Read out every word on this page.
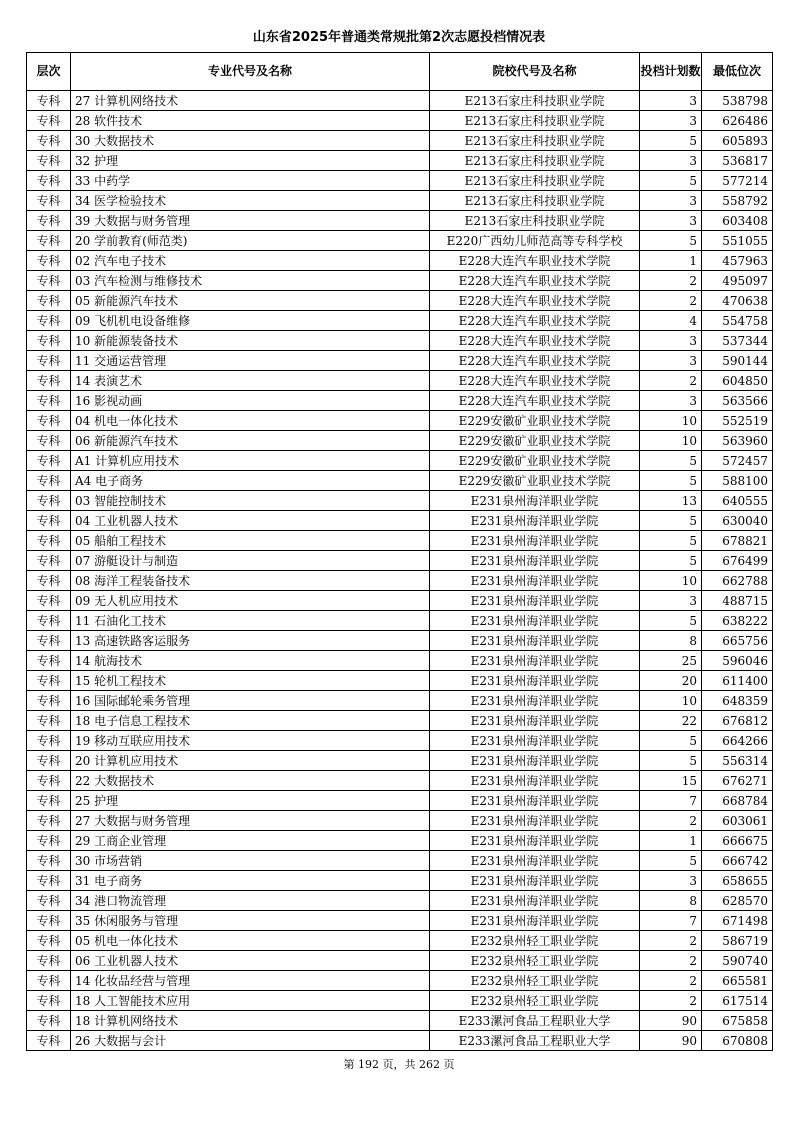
山东省2025年普通类常规批第2次志愿投档情况表
层次	专业代号及名称	院校代号及名称	投档计划数	最低位次
专科	27 计算机网络技术	E213石家庄科技职业学院	3	538798
专科	28 软件技术	E213石家庄科技职业学院	3	626486
专科	30 大数据技术	E213石家庄科技职业学院	5	605893
专科	32 护理	E213石家庄科技职业学院	3	536817
专科	33 中药学	E213石家庄科技职业学院	5	577214
专科	34 医学检验技术	E213石家庄科技职业学院	3	558792
专科	39 大数据与财务管理	E213石家庄科技职业学院	3	603408
专科	20 学前教育(师范类)	E220广西幼儿师范高等专科学校	5	551055
专科	02 汽车电子技术	E228大连汽车职业技术学院	1	457963
专科	03 汽车检测与维修技术	E228大连汽车职业技术学院	2	495097
专科	05 新能源汽车技术	E228大连汽车职业技术学院	2	470638
专科	09 飞机机电设备维修	E228大连汽车职业技术学院	4	554758
专科	10 新能源装备技术	E228大连汽车职业技术学院	3	537344
专科	11 交通运营管理	E228大连汽车职业技术学院	3	590144
专科	14 表演艺术	E228大连汽车职业技术学院	2	604850
专科	16 影视动画	E228大连汽车职业技术学院	3	563566
专科	04 机电一体化技术	E229安徽矿业职业技术学院	10	552519
专科	06 新能源汽车技术	E229安徽矿业职业技术学院	10	563960
专科	A1 计算机应用技术	E229安徽矿业职业技术学院	5	572457
专科	A4 电子商务	E229安徽矿业职业技术学院	5	588100
专科	03 智能控制技术	E231泉州海洋职业学院	13	640555
专科	04 工业机器人技术	E231泉州海洋职业学院	5	630040
专科	05 船舶工程技术	E231泉州海洋职业学院	5	678821
专科	07 游艇设计与制造	E231泉州海洋职业学院	5	676499
专科	08 海洋工程装备技术	E231泉州海洋职业学院	10	662788
专科	09 无人机应用技术	E231泉州海洋职业学院	3	488715
专科	11 石油化工技术	E231泉州海洋职业学院	5	638222
专科	13 高速铁路客运服务	E231泉州海洋职业学院	8	665756
专科	14 航海技术	E231泉州海洋职业学院	25	596046
专科	15 轮机工程技术	E231泉州海洋职业学院	20	611400
专科	16 国际邮轮乘务管理	E231泉州海洋职业学院	10	648359
专科	18 电子信息工程技术	E231泉州海洋职业学院	22	676812
专科	19 移动互联应用技术	E231泉州海洋职业学院	5	664266
专科	20 计算机应用技术	E231泉州海洋职业学院	5	556314
专科	22 大数据技术	E231泉州海洋职业学院	15	676271
专科	25 护理	E231泉州海洋职业学院	7	668784
专科	27 大数据与财务管理	E231泉州海洋职业学院	2	603061
专科	29 工商企业管理	E231泉州海洋职业学院	1	666675
专科	30 市场营销	E231泉州海洋职业学院	5	666742
专科	31 电子商务	E231泉州海洋职业学院	3	658655
专科	34 港口物流管理	E231泉州海洋职业学院	8	628570
专科	35 休闲服务与管理	E231泉州海洋职业学院	7	671498
专科	05 机电一体化技术	E232泉州轻工职业学院	2	586719
专科	06 工业机器人技术	E232泉州轻工职业学院	2	590740
专科	14 化妆品经营与管理	E232泉州轻工职业学院	2	665581
专科	18 人工智能技术应用	E232泉州轻工职业学院	2	617514
专科	18 计算机网络技术	E233漯河食品工程职业大学	90	675858
专科	26 大数据与会计	E233漯河食品工程职业大学	90	670808
第 192 页，共 262 页
